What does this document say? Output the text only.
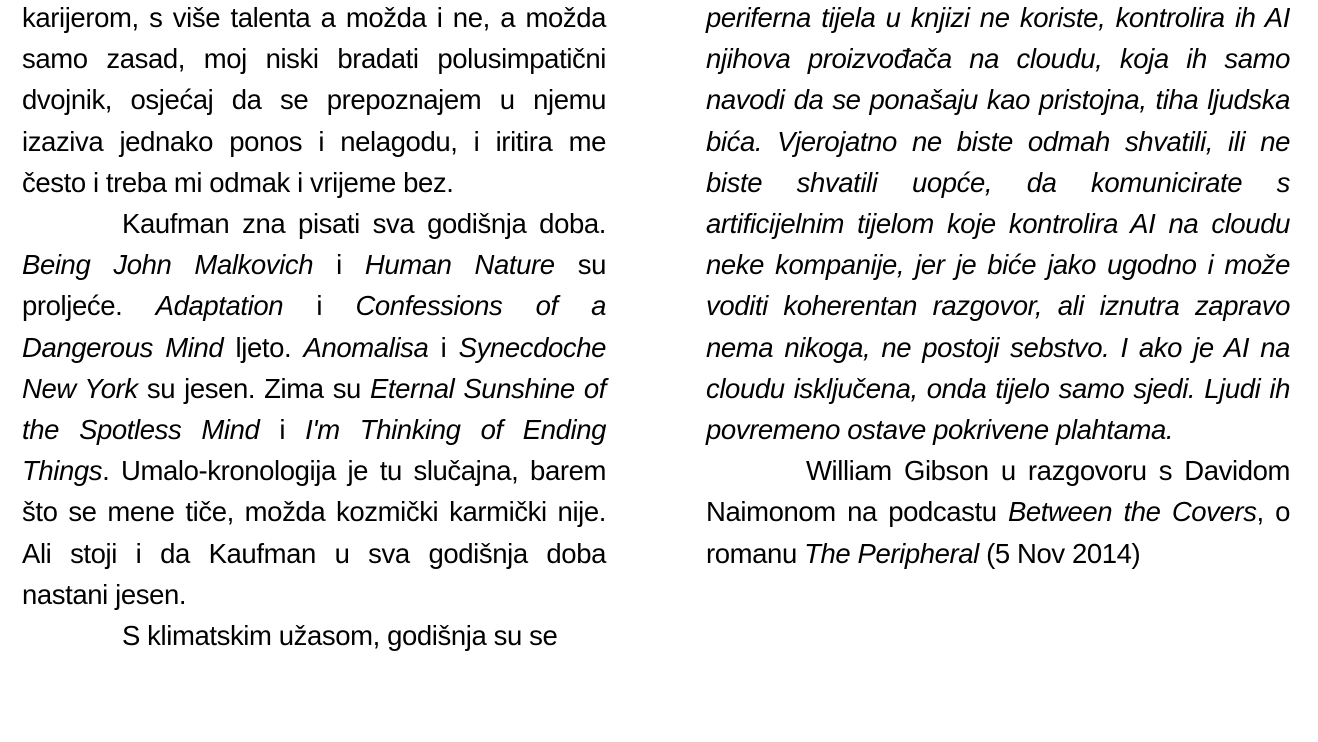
karijerom, s više talenta a možda i ne, a možda samo zasad, moj niski bradati polusimpatični dvojnik, osjećaj da se prepoznajem u njemu izaziva jednako ponos i nelagodu, i iritira me često i treba mi odmak i vrijeme bez.

Kaufman zna pisati sva godišnja doba. Being John Malkovich i Human Nature su proljeće. Adaptation i Confessions of a Dangerous Mind ljeto. Anomalisa i Synecdoche New York su jesen. Zima su Eternal Sunshine of the Spotless Mind i I'm Thinking of Ending Things. Umalo-kronologija je tu slučajna, barem što se mene tiče, možda kozmički karmički nije. Ali stoji i da Kaufman u sva godišnja doba nastani jesen.

S klimatskim užasom, godišnja su se

periferna tijela u knjizi ne koriste, kontrolira ih AI njihova proizvođača na cloudu, koja ih samo navodi da se ponašaju kao pristojna, tiha ljudska bića. Vjerojatno ne biste odmah shvatili, ili ne biste shvatili uopće, da komunicirate s artificijelnim tijelom koje kontrolira AI na cloudu neke kompanije, jer je biće jako ugodno i može voditi koherentan razgovor, ali iznutra zapravo nema nikoga, ne postoji sebstvo. I ako je AI na cloudu isključena, onda tijelo samo sjedi. Ljudi ih povremeno ostave pokrivene plahtama.

William Gibson u razgovoru s Davidom Naimonom na podcastu Between the Covers, o romanu The Peripheral (5 Nov 2014)
